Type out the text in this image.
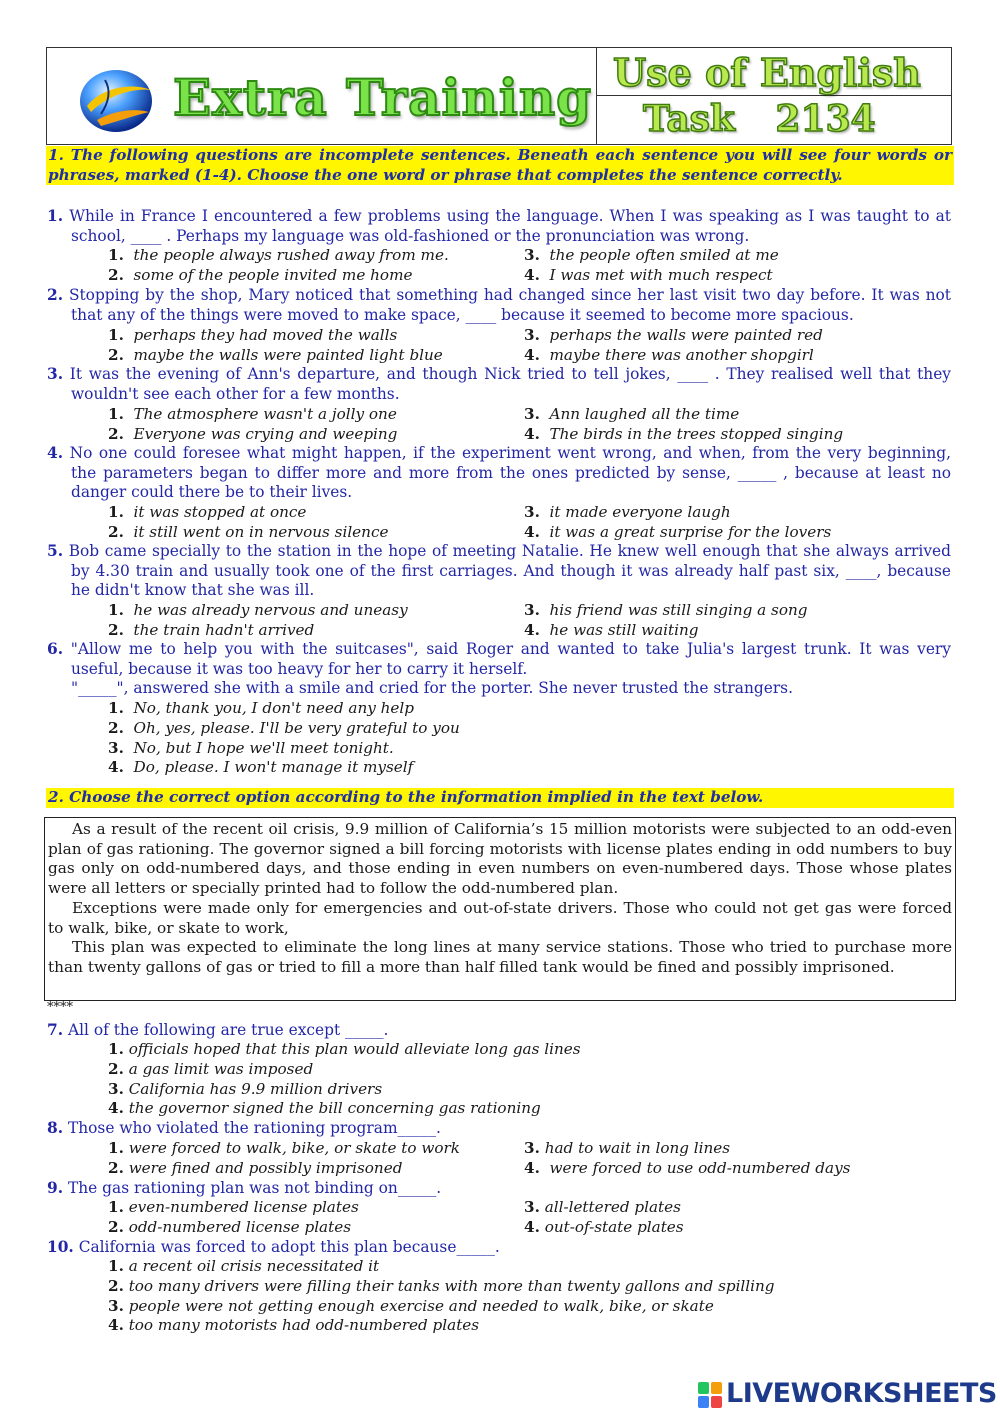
Extra Training Use of English
Task 2134
1. The following questions are incomplete sentences. Beneath each sentence you will see four words or phrases, marked (1-4). Choose the one word or phrase that completes the sentence correctly.
1. While in France I encountered a few problems using the language. When I was speaking as I was taught to at school, ____ . Perhaps my language was old-fashioned or the pronunciation was wrong.
1. the people always rushed away from me.
2. some of the people invited me home
3. the people often smiled at me
4.  I was met with much respect
2. Stopping by the shop, Mary noticed that something had changed since her last visit two day before. It was not that any of the things were moved to make space, ____ because it seemed to become more spacious.
1. perhaps they had moved the walls
2. maybe the walls were painted light blue
3. perhaps the walls were painted red
4. maybe there was another shopgirl
3. It was the evening of Ann's departure, and though Nick tried to tell jokes, ____ . They realised well that they wouldn't see each other for a few months.
1. The atmosphere wasn't a jolly one
2. Everyone was crying and weeping
3. Ann laughed all the time
4. The birds in the trees stopped singing
4. No one could foresee what might happen, if the experiment went wrong, and when, from the very beginning, the parameters began to differ more and more from the ones predicted by sense, _____ , because at least no danger could there be to their lives.
1. it was stopped at once
2. it still went on in nervous silence
3. it made everyone laugh
4. it was a great surprise for the lovers
5. Bob came specially to the station in the hope of meeting Natalie. He knew well enough that she always arrived by 4.30 train and usually took one of the first carriages. And though it was already half past six, ____, because he didn't know that she was ill.
1. he was already nervous and uneasy
2. the train hadn't arrived
3. his friend was still singing a song
4. he was still waiting
6. "Allow me to help you with the suitcases", said Roger and wanted to take Julia's largest trunk. It was very useful, because it was too heavy for her to carry it herself.
"_____", answered she with a smile and cried for the porter. She never trusted the strangers.
1. No, thank you, I don't need any help
2. Oh, yes, please. I'll be very grateful to you
3. No, but I hope we'll meet tonight.
4. Do, please. I won't manage it myself
2. Choose the correct option according to the information implied in the text below.

As a result of the recent oil crisis, 9.9 million of California’s 15 million motorists were subjected to an odd-even plan of gas rationing. The governor signed a bill forcing motorists with license plates ending in odd numbers to buy gas only on odd-numbered days, and those ending in even numbers on even-numbered days. Those whose plates were all letters or specially printed had to follow the odd-numbered plan.

Exceptions were made only for emergencies and out-of-state drivers. Those who could not get gas were forced to walk, bike, or skate to work,

This plan was expected to eliminate the long lines at many service stations. Those who tried to purchase more than twenty gallons of gas or tried to fill a more than half filled tank would be fined and possibly imprisoned.

****
7. All of the following are true except _____.
1. officials hoped that this plan would alleviate long gas lines
2. a gas limit was imposed
3. California has 9.9 million drivers
4. the governor signed the bill concerning gas rationing
8. Those who violated the rationing program_____.
1. were forced to walk, bike, or skate to work
2. were fined and possibly imprisoned
3. had to wait in long lines
4.  were forced to use odd-numbered days
9. The gas rationing plan was not binding on_____.
1. even-numbered license plates
2. odd-numbered license plates
3. all-lettered plates
4. out-of-state plates
10. California was forced to adopt this plan because_____.
1. a recent oil crisis necessitated it
2. too many drivers were filling their tanks with more than twenty gallons and spilling
3. people were not getting enough exercise and needed to walk, bike, or skate
4. too many motorists had odd-numbered plates
LIVEWORKSHEETS
